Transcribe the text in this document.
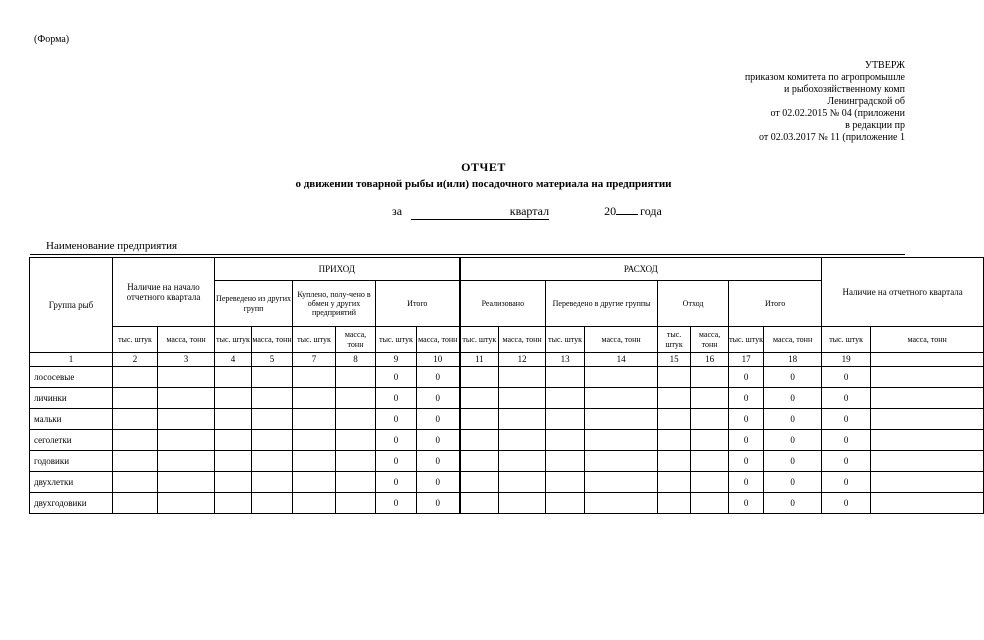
(Форма)
УТВЕРЖ
приказом комитета по агропромышле
и рыбохозяйственному комп
Ленинградской об
от 02.02.2015 № 04 (приложени
в редакции пр
от 02.03.2017 № 11 (приложение 1
ОТЧЕТ
о движении товарной рыбы и(или) посадочного материала на предприятии
за	квартал	20 года
Наименование предприятия
Группа рыб	Наличие на начало отчетного квартала		ПРИХОД						РАСХОД								Наличие на отчетного квартала	
			Переведено из других групп		Куплено, полу-чено в обмен у других предприятий		Итого		Реализовано		Переведено в другие группы		Отход		Итого			
	тыс. штук	масса, тонн	тыс. штук	масса, тонн	тыс. штук	масса, тонн	тыс. штук	масса, тонн	тыс. штук	масса, тонн	тыс. штук	масса, тонн	тыс. штук	масса, тонн	тыс. штук	масса, тонн	тыс. штук	масса, тонн
1	2	3	4	5	7	8	9	10	11	12	13	14	15	16	17	18	19	
лососевые							0	0							0	0	0	
личинки							0	0							0	0	0	
мальки							0	0							0	0	0	
сеголетки							0	0							0	0	0	
годовики							0	0							0	0	0	
двухлетки							0	0							0	0	0	
двухгодовики							0	0							0	0	0	
